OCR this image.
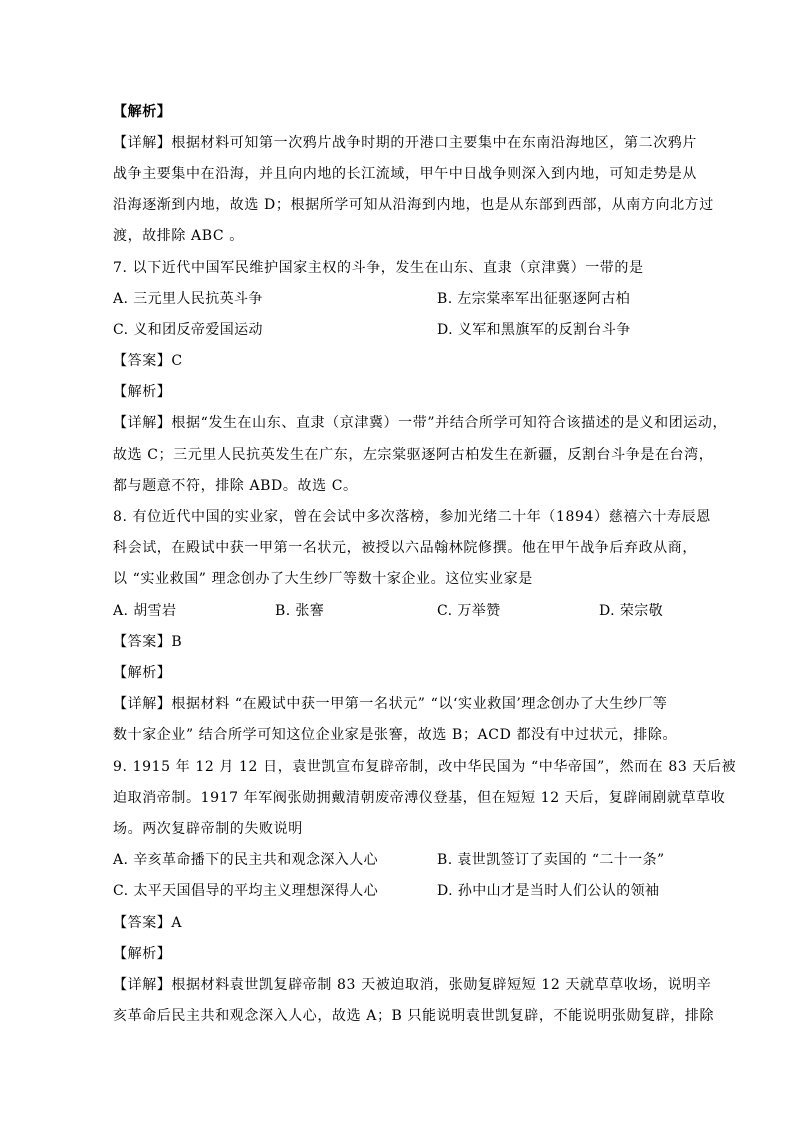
【解析】
【详解】根据材料可知第一次鸦片战争时期的开港口主要集中在东南沿海地区，第二次鸦片
战争主要集中在沿海，并且向内地的长江流域，甲午中日战争则深入到内地，可知走势是从
沿海逐渐到内地，故选 D；根据所学可知从沿海到内地，也是从东部到西部，从南方向北方过
渡，故排除 ABC 。
7. 以下近代中国军民维护国家主权的斗争，发生在山东、直隶（京津冀）一带的是
A. 三元里人民抗英斗争	B. 左宗棠率军出征驱逐阿古柏
C. 义和团反帝爱国运动	D. 义军和黑旗军的反割台斗争
【答案】C
【解析】
【详解】根据“发生在山东、直隶（京津冀）一带”并结合所学可知符合该描述的是义和团运动，
故选 C；三元里人民抗英发生在广东，左宗棠驱逐阿古柏发生在新疆，反割台斗争是在台湾，
都与题意不符，排除 ABD。故选 C。
8. 有位近代中国的实业家，曾在会试中多次落榜，参加光绪二十年（1894）慈禧六十寿辰恩
科会试，在殿试中获一甲第一名状元，被授以六品翰林院修撰。他在甲午战争后弃政从商，
以 “实业救国” 理念创办了大生纱厂等数十家企业。这位实业家是
A. 胡雪岩	B. 张謇	C. 万举赞	D. 荣宗敬
【答案】B
【解析】
【详解】根据材料 “在殿试中获一甲第一名状元” “以‘实业救国’理念创办了大生纱厂等
数十家企业” 结合所学可知这位企业家是张謇，故选 B；ACD 都没有中过状元，排除。
9. 1915 年 12 月 12 日，袁世凯宣布复辟帝制，改中华民国为 “中华帝国”，然而在 83 天后被
迫取消帝制。1917 年军阀张勋拥戴清朝废帝溥仪登基，但在短短 12 天后，复辟闹剧就草草收
场。两次复辟帝制的失败说明
A. 辛亥革命播下的民主共和观念深入人心	B. 袁世凯签订了卖国的 “二十一条”
C. 太平天国倡导的平均主义理想深得人心	D. 孙中山才是当时人们公认的领袖
【答案】A
【解析】
【详解】根据材料袁世凯复辟帝制 83 天被迫取消，张勋复辟短短 12 天就草草收场，说明辛
亥革命后民主共和观念深入人心，故选 A；B 只能说明袁世凯复辟，不能说明张勋复辟，排除
